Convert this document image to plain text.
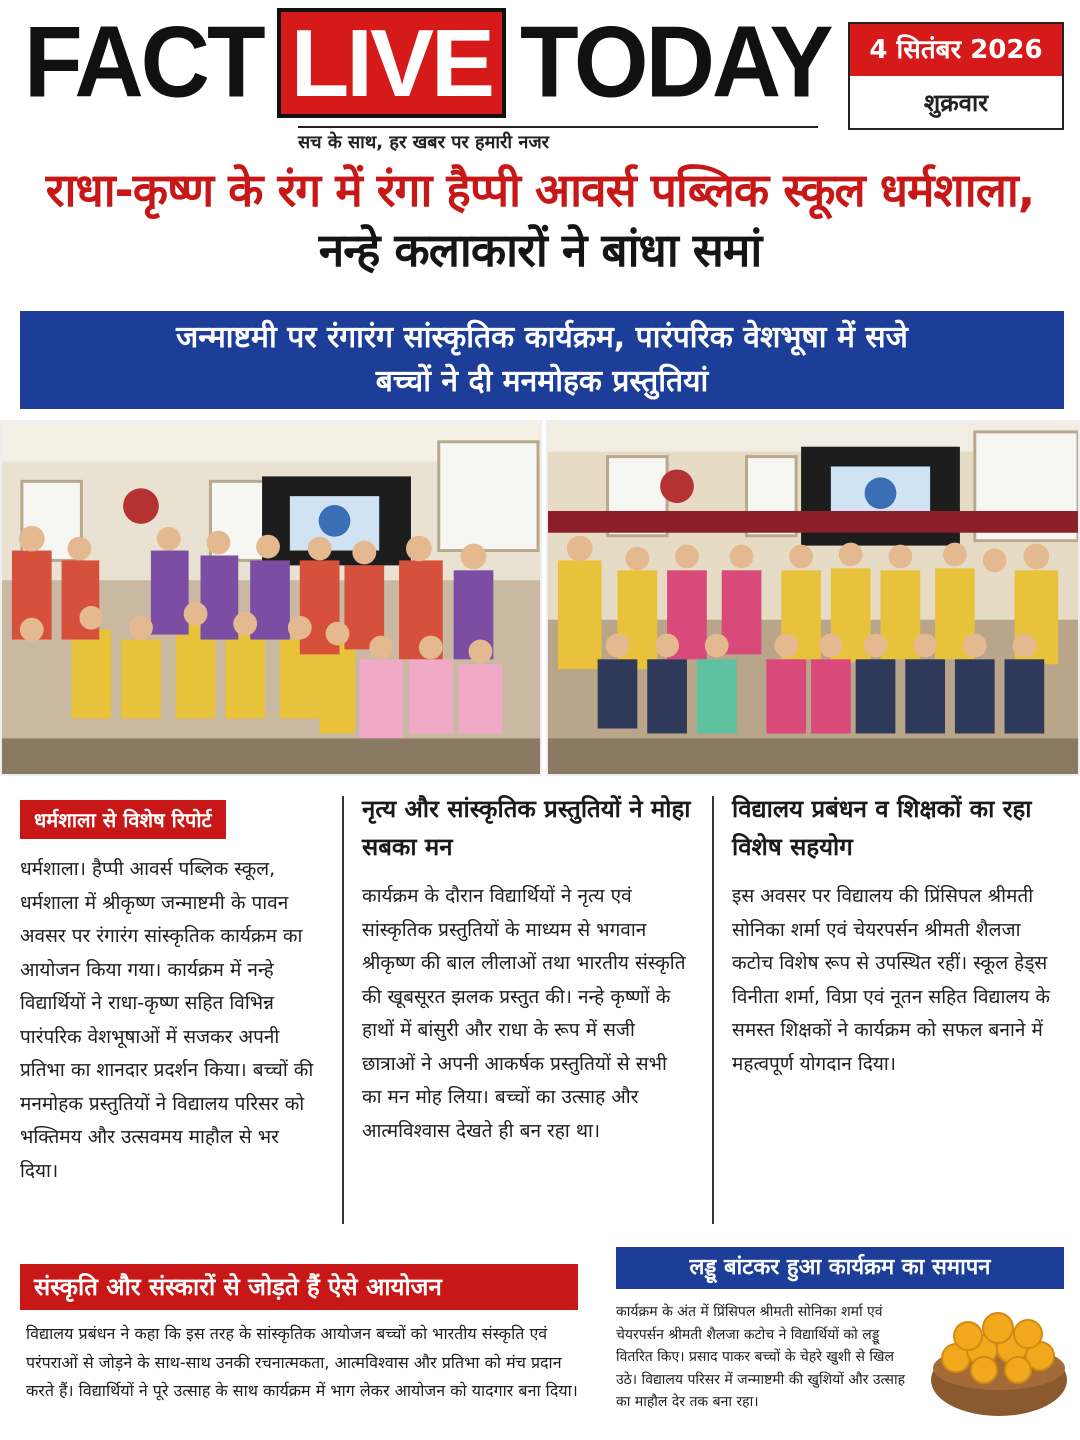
FACT LIVE TODAY
सच के साथ, हर खबर पर हमारी नजर
4 सितंबर 2026
शुक्रवार
राधा-कृष्ण के रंग में रंगा हैप्पी आवर्स पब्लिक स्कूल धर्मशाला,
नन्हे कलाकारों ने बांधा समां
जन्माष्टमी पर रंगारंग सांस्कृतिक कार्यक्रम, पारंपरिक वेशभूषा में सजे
बच्चों ने दी मनमोहक प्रस्तुतियां
धर्मशाला से विशेष रिपोर्ट
धर्मशाला। हैप्पी आवर्स पब्लिक स्कूल, धर्मशाला में श्रीकृष्ण जन्माष्टमी के पावन अवसर पर रंगारंग सांस्कृतिक कार्यक्रम का आयोजन किया गया। कार्यक्रम में नन्हे विद्यार्थियों ने राधा-कृष्ण सहित विभिन्न पारंपरिक वेशभूषाओं में सजकर अपनी प्रतिभा का शानदार प्रदर्शन किया। बच्चों की मनमोहक प्रस्तुतियों ने विद्यालय परिसर को भक्तिमय और उत्सवमय माहौल से भर दिया।
नृत्य और सांस्कृतिक प्रस्तुतियों ने मोहा सबका मन
कार्यक्रम के दौरान विद्यार्थियों ने नृत्य एवं सांस्कृतिक प्रस्तुतियों के माध्यम से भगवान श्रीकृष्ण की बाल लीलाओं तथा भारतीय संस्कृति की खूबसूरत झलक प्रस्तुत की। नन्हे कृष्णों के हाथों में बांसुरी और राधा के रूप में सजी छात्राओं ने अपनी आकर्षक प्रस्तुतियों से सभी का मन मोह लिया। बच्चों का उत्साह और आत्मविश्वास देखते ही बन रहा था।
विद्यालय प्रबंधन व शिक्षकों का रहा विशेष सहयोग
इस अवसर पर विद्यालय की प्रिंसिपल श्रीमती सोनिका शर्मा एवं चेयरपर्सन श्रीमती शैलजा कटोच विशेष रूप से उपस्थित रहीं। स्कूल हेड्स विनीता शर्मा, विप्रा एवं नूतन सहित विद्यालय के समस्त शिक्षकों ने कार्यक्रम को सफल बनाने में महत्वपूर्ण योगदान दिया।
संस्कृति और संस्कारों से जोड़ते हैं ऐसे आयोजन
विद्यालय प्रबंधन ने कहा कि इस तरह के सांस्कृतिक आयोजन बच्चों को भारतीय संस्कृति एवं परंपराओं से जोड़ने के साथ-साथ उनकी रचनात्मकता, आत्मविश्वास और प्रतिभा को मंच प्रदान करते हैं। विद्यार्थियों ने पूरे उत्साह के साथ कार्यक्रम में भाग लेकर आयोजन को यादगार बना दिया।
लड्डू बांटकर हुआ कार्यक्रम का समापन
कार्यक्रम के अंत में प्रिंसिपल श्रीमती सोनिका शर्मा एवं चेयरपर्सन श्रीमती शैलजा कटोच ने विद्यार्थियों को लड्डू वितरित किए। प्रसाद पाकर बच्चों के चेहरे खुशी से खिल उठे। विद्यालय परिसर में जन्माष्टमी की खुशियों और उत्साह का माहौल देर तक बना रहा।
